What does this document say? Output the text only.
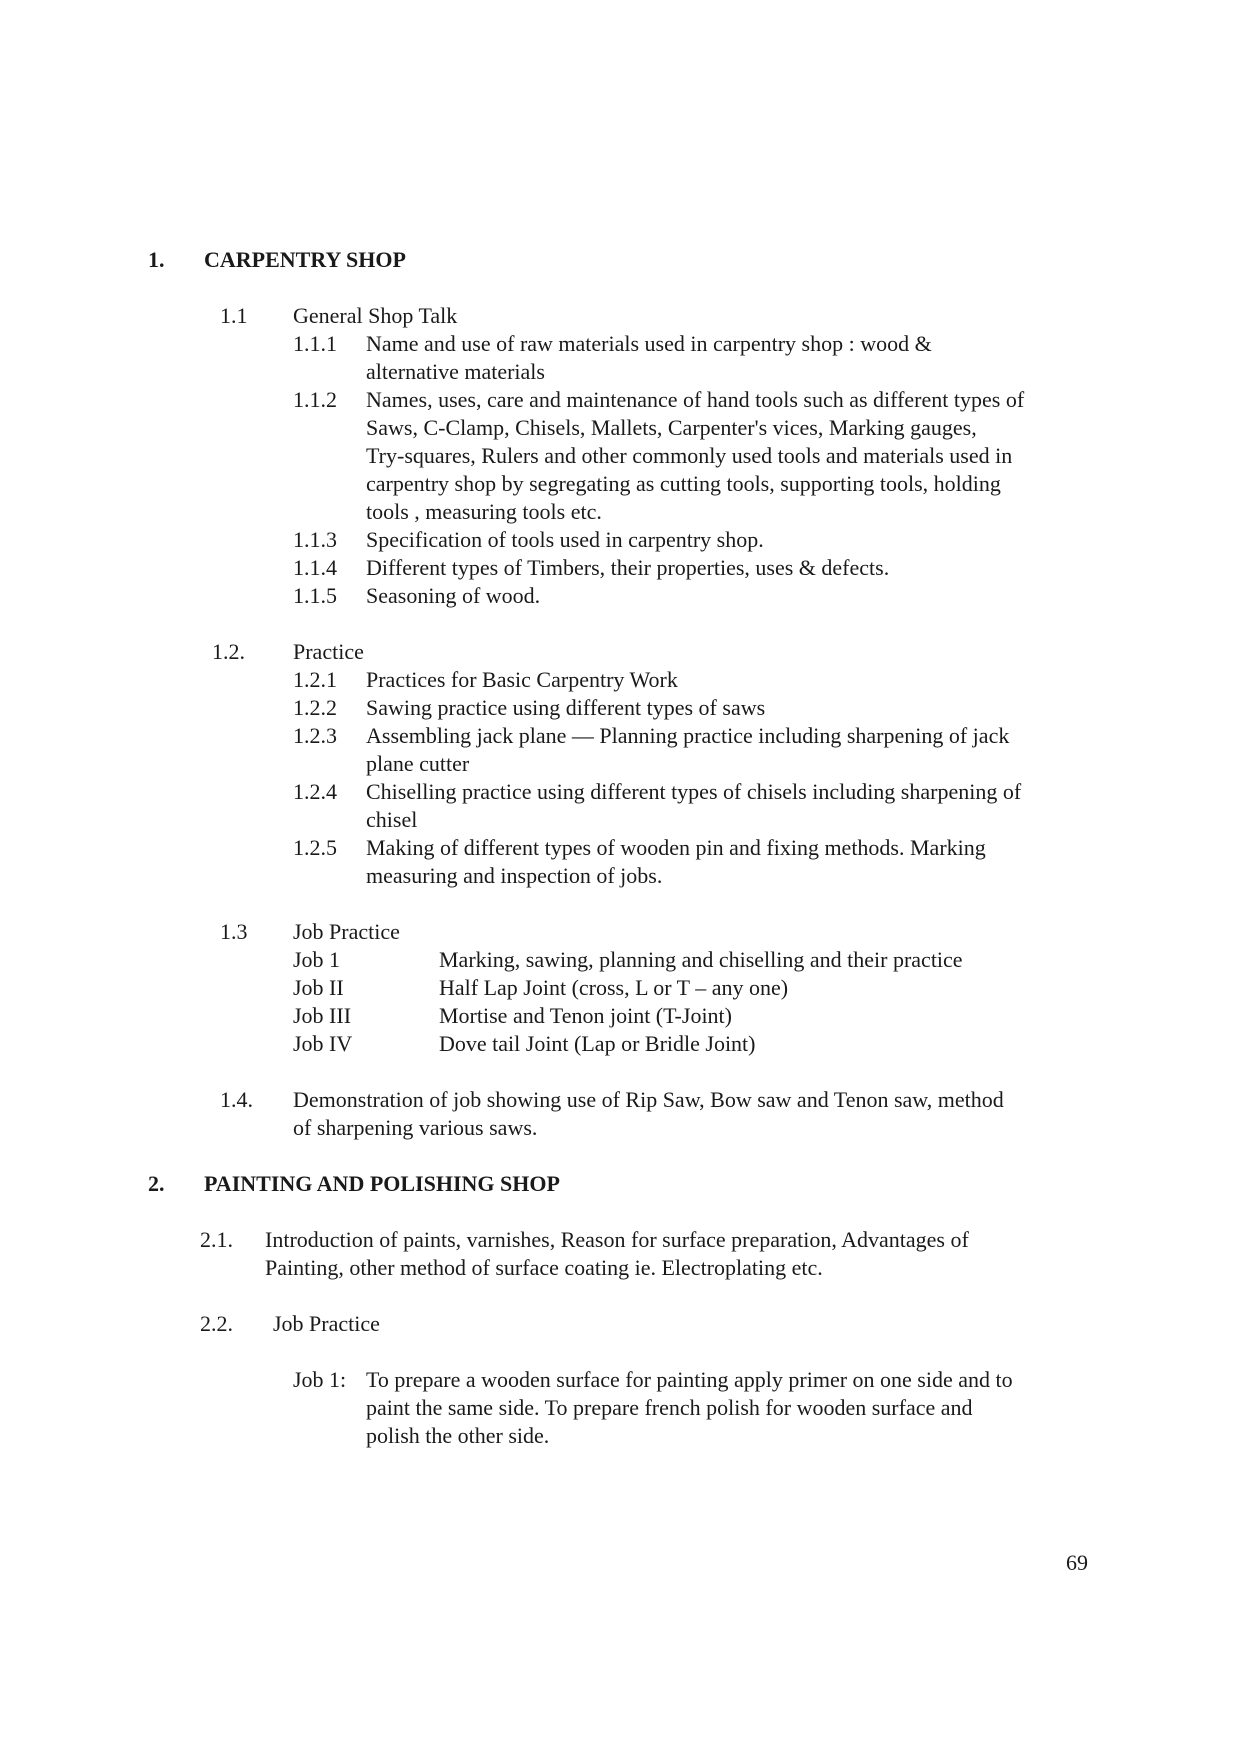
1. CARPENTRY SHOP
1.1 General Shop Talk
1.1.1 Name and use of raw materials used in carpentry shop : wood &
alternative materials
1.1.2 Names, uses, care and maintenance of hand tools such as different types of
Saws, C-Clamp, Chisels, Mallets, Carpenter's vices, Marking gauges,
Try-squares, Rulers and other commonly used tools and materials used in
carpentry shop by segregating as cutting tools, supporting tools, holding
tools , measuring tools etc.
1.1.3 Specification of tools used in carpentry shop.
1.1.4 Different types of Timbers, their properties, uses & defects.
1.1.5 Seasoning of wood.
1.2. Practice
1.2.1 Practices for Basic Carpentry Work
1.2.2 Sawing practice using different types of saws
1.2.3 Assembling jack plane — Planning practice including sharpening of jack
plane cutter
1.2.4 Chiselling practice using different types of chisels including sharpening of
chisel
1.2.5 Making of different types of wooden pin and fixing methods. Marking
measuring and inspection of jobs.
1.3 Job Practice
Job 1	Marking, sawing, planning and chiselling and their practice
Job II	Half Lap Joint (cross, L or T – any one)
Job III	Mortise and Tenon joint (T-Joint)
Job IV	Dove tail Joint (Lap or Bridle Joint)
1.4. Demonstration of job showing use of Rip Saw, Bow saw and Tenon saw, method
of sharpening various saws.
2. PAINTING AND POLISHING SHOP
2.1. Introduction of paints, varnishes, Reason for surface preparation, Advantages of
Painting, other method of surface coating ie. Electroplating etc.
2.2. Job Practice
Job 1: To prepare a wooden surface for painting apply primer on one side and to
paint the same side. To prepare french polish for wooden surface and
polish the other side.
69
